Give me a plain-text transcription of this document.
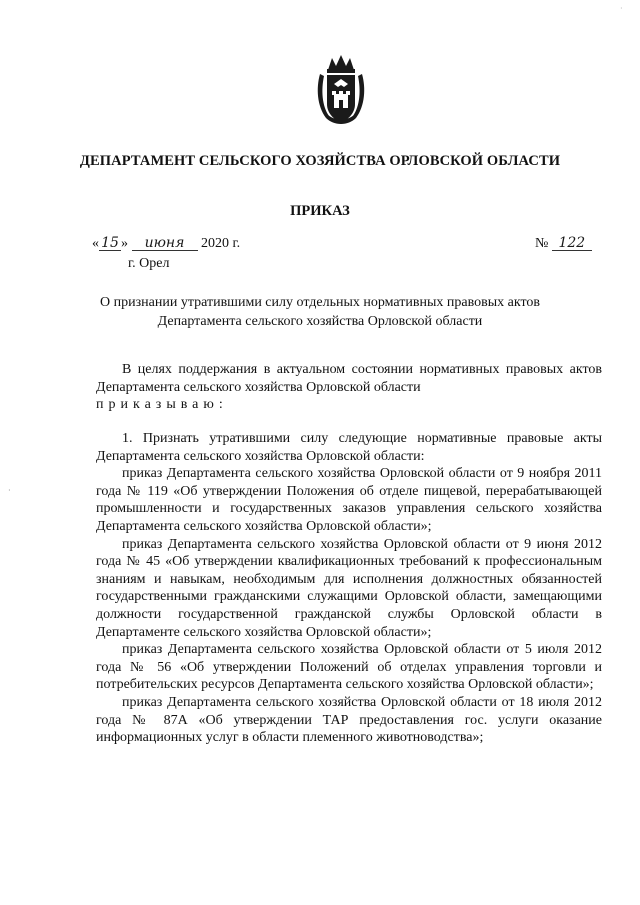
·
ДЕПАРТАМЕНТ СЕЛЬСКОГО ХОЗЯЙСТВА ОРЛОВСКОЙ ОБЛАСТИ
ПРИКАЗ
« 15 » июня 2020 г.
г. Орел
№ 122
О признании утратившими силу отдельных нормативных правовых актов
Департамента сельского хозяйства Орловской области

В целях поддержания в актуальном состоянии нормативных правовых актов Департамента сельского хозяйства Орловской области

приказываю:

1. Признать утратившими силу следующие нормативные правовые акты Департамента сельского хозяйства Орловской области:

приказ Департамента сельского хозяйства Орловской области от 9 ноября 2011 года № 119 «Об утверждении Положения об отделе пищевой, перерабатывающей промышленности и государственных заказов управления сельского хозяйства Департамента сельского хозяйства Орловской области»;

приказ Департамента сельского хозяйства Орловской области от 9 июня 2012 года № 45 «Об утверждении квалификационных требований к профессиональным знаниям и навыкам, необходимым для исполнения должностных обязанностей государственными гражданскими служащими Орловской области, замещающими должности государственной гражданской службы Орловской области в Департаменте сельского хозяйства Орловской области»;

приказ Департамента сельского хозяйства Орловской области от 5 июля 2012 года № 56 «Об утверждении Положений об отделах управления торговли и потребительских ресурсов Департамента сельского хозяйства Орловской области»;

приказ Департамента сельского хозяйства Орловской области от 18 июля 2012 года № 87А «Об утверждении ТАР предоставления гос. услуги оказание информационных услуг в области племенного животноводства»;

·
